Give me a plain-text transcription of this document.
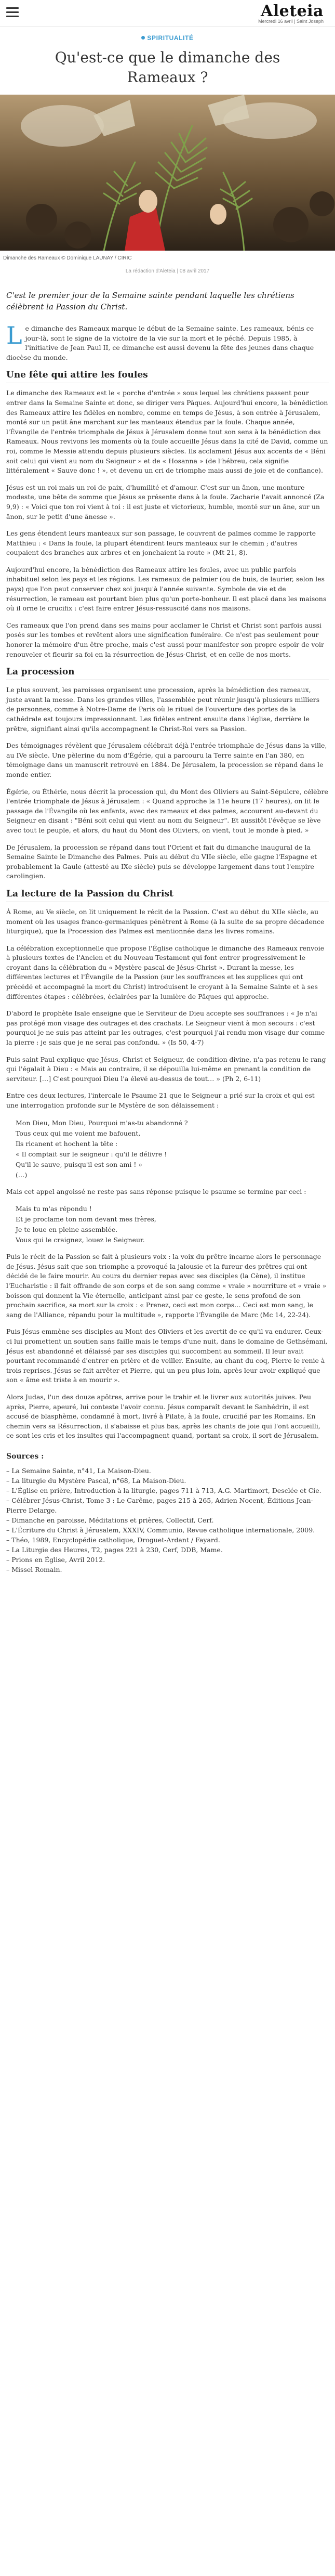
Aleteia
Mercredi 16 avril | Saint Joseph
SPIRITUALITÉ
Qu'est-ce que le dimanche des Rameaux ?
Dimanche des Rameaux © Dominique LAUNAY / CIRIC
La rédaction d'Aleteia | 08 avril 2017

C'est le premier jour de la Semaine sainte pendant laquelle les chrétiens célèbrent la Passion du Christ.

Le dimanche des Rameaux marque le début de la Semaine sainte. Les rameaux, bénis ce jour-là, sont le signe de la victoire de la vie sur la mort et le péché. Depuis 1985, à l'initiative de Jean Paul II, ce dimanche est aussi devenu la fête des jeunes dans chaque diocèse du monde.

Une fête qui attire les foules

Le dimanche des Rameaux est le « porche d'entrée » sous lequel les chrétiens passent pour entrer dans la Semaine Sainte et donc, se diriger vers Pâques. Aujourd'hui encore, la bénédiction des Rameaux attire les fidèles en nombre, comme en temps de Jésus, à son entrée à Jérusalem, monté sur un petit âne marchant sur les manteaux étendus par la foule. Chaque année, l'Évangile de l'entrée triomphale de Jésus à Jérusalem donne tout son sens à la bénédiction des Rameaux. Nous revivons les moments où la foule accueille Jésus dans la cité de David, comme un roi, comme le Messie attendu depuis plusieurs siècles. Ils acclament Jésus aux accents de « Béni soit celui qui vient au nom du Seigneur » et de « Hosanna » (de l'hébreu, cela signifie littéralement « Sauve donc ! », et devenu un cri de triomphe mais aussi de joie et de confiance).

Jésus est un roi mais un roi de paix, d'humilité et d'amour. C'est sur un ânon, une monture modeste, une bête de somme que Jésus se présente dans à la foule. Zacharie l'avait annoncé (Za 9,9) : « Voici que ton roi vient à toi : il est juste et victorieux, humble, monté sur un âne, sur un ânon, sur le petit d'une ânesse ».

Les gens étendent leurs manteaux sur son passage, le couvrent de palmes comme le rapporte Matthieu : « Dans la foule, la plupart étendirent leurs manteaux sur le chemin ; d'autres coupaient des branches aux arbres et en jonchaient la route » (Mt 21, 8).

Aujourd'hui encore, la bénédiction des Rameaux attire les foules, avec un public parfois inhabituel selon les pays et les régions. Les rameaux de palmier (ou de buis, de laurier, selon les pays) que l'on peut conserver chez soi jusqu'à l'année suivante. Symbole de vie et de résurrection, le rameau est pourtant bien plus qu'un porte-bonheur. Il est placé dans les maisons où il orne le crucifix : c'est faire entrer Jésus-ressuscité dans nos maisons.

Ces rameaux que l'on prend dans ses mains pour acclamer le Christ et Christ sont parfois aussi posés sur les tombes et revêtent alors une signification funéraire. Ce n'est pas seulement pour honorer la mémoire d'un être proche, mais c'est aussi pour manifester son propre espoir de voir renouveler et fleurir sa foi en la résurrection de Jésus-Christ, et en celle de nos morts.

La procession

Le plus souvent, les paroisses organisent une procession, après la bénédiction des rameaux, juste avant la messe. Dans les grandes villes, l'assemblée peut réunir jusqu'à plusieurs milliers de personnes, comme à Notre-Dame de Paris où le rituel de l'ouverture des portes de la cathédrale est toujours impressionnant. Les fidèles entrent ensuite dans l'église, derrière le prêtre, signifiant ainsi qu'ils accompagnent le Christ-Roi vers sa Passion.

Des témoignages révèlent que Jérusalem célébrait déjà l'entrée triomphale de Jésus dans la ville, au IVe siècle. Une pèlerine du nom d'Égérie, qui a parcouru la Terre sainte en l'an 380, en témoignage dans un manuscrit retrouvé en 1884. De Jérusalem, la procession se répand dans le monde entier.

Égérie, ou Éthérie, nous décrit la procession qui, du Mont des Oliviers au Saint-Sépulcre, célèbre l'entrée triomphale de Jésus à Jérusalem : « Quand approche la 11e heure (17 heures), on lit le passage de l'Évangile où les enfants, avec des rameaux et des palmes, accourent au-devant du Seigneur en disant : "Béni soit celui qui vient au nom du Seigneur". Et aussitôt l'évêque se lève avec tout le peuple, et alors, du haut du Mont des Oliviers, on vient, tout le monde à pied. »

De Jérusalem, la procession se répand dans tout l'Orient et fait du dimanche inaugural de la Semaine Sainte le Dimanche des Palmes. Puis au début du VIIe siècle, elle gagne l'Espagne et probablement la Gaule (attesté au IXe siècle) puis se développe largement dans tout l'empire carolingien.

La lecture de la Passion du Christ

À Rome, au Ve siècle, on lit uniquement le récit de la Passion. C'est au début du XIIe siècle, au moment où les usages franco-germaniques pénètrent à Rome (à la suite de sa propre décadence liturgique), que la Procession des Palmes est mentionnée dans les livres romains.

La célébration exceptionnelle que propose l'Église catholique le dimanche des Rameaux renvoie à plusieurs textes de l'Ancien et du Nouveau Testament qui font entrer progressivement le croyant dans la célébration du « Mystère pascal de Jésus-Christ ». Durant la messe, les différentes lectures et l'Évangile de la Passion (sur les souffrances et les supplices qui ont précédé et accompagné la mort du Christ) introduisent le croyant à la Semaine Sainte et à ses différentes étapes : célébrées, éclairées par la lumière de Pâques qui approche.

D'abord le prophète Isaïe enseigne que le Serviteur de Dieu accepte ses souffrances : « Je n'ai pas protégé mon visage des outrages et des crachats. Le Seigneur vient à mon secours : c'est pourquoi je ne suis pas atteint par les outrages, c'est pourquoi j'ai rendu mon visage dur comme la pierre : je sais que je ne serai pas confondu. » (Is 50, 4-7)

Puis saint Paul explique que Jésus, Christ et Seigneur, de condition divine, n'a pas retenu le rang qui l'égalait à Dieu : « Mais au contraire, il se dépouilla lui-même en prenant la condition de serviteur. […] C'est pourquoi Dieu l'a élevé au-dessus de tout… » (Ph 2, 6-11)

Entre ces deux lectures, l'intercale le Psaume 21 que le Seigneur a prié sur la croix et qui est une interrogation profonde sur le Mystère de son délaissement :

Mon Dieu, Mon Dieu, Pourquoi m'as-tu abandonné ?
Tous ceux qui me voient me bafouent,
Ils ricanent et hochent la tête :
« Il comptait sur le seigneur : qu'il le délivre !
Qu'il le sauve, puisqu'il est son ami ! »
(…)

Mais cet appel angoissé ne reste pas sans réponse puisque le psaume se termine par ceci :

Mais tu m'as répondu !
Et je proclame ton nom devant mes frères,
Je te loue en pleine assemblée.
Vous qui le craignez, louez le Seigneur.

Puis le récit de la Passion se fait à plusieurs voix : la voix du prêtre incarne alors le personnage de Jésus. Jésus sait que son triomphe a provoqué la jalousie et la fureur des prêtres qui ont décidé de le faire mourir. Au cours du dernier repas avec ses disciples (la Cène), il institue l'Eucharistie : il fait offrande de son corps et de son sang comme « vraie » nourriture et « vraie » boisson qui donnent la Vie éternelle, anticipant ainsi par ce geste, le sens profond de son prochain sacrifice, sa mort sur la croix : « Prenez, ceci est mon corps… Ceci est mon sang, le sang de l'Alliance, répandu pour la multitude », rapporte l'Évangile de Marc (Mc 14, 22-24).

Puis Jésus emmène ses disciples au Mont des Oliviers et les avertit de ce qu'il va endurer. Ceux-ci lui promettent un soutien sans faille mais le temps d'une nuit, dans le domaine de Gethsémani, Jésus est abandonné et délaissé par ses disciples qui succombent au sommeil. Il leur avait pourtant recommandé d'entrer en prière et de veiller. Ensuite, au chant du coq, Pierre le renie à trois reprises. Jésus se fait arrêter et Pierre, qui un peu plus loin, après leur avoir expliqué que son « âme est triste à en mourir ».

Alors Judas, l'un des douze apôtres, arrive pour le trahir et le livrer aux autorités juives. Peu après, Pierre, apeuré, lui conteste l'avoir connu. Jésus comparaît devant le Sanhédrin, il est accusé de blasphème, condamné à mort, livré à Pilate, à la foule, crucifié par les Romains. En chemin vers sa Résurrection, il s'abaisse et plus bas, après les chants de joie qui l'ont accueilli, ce sont les cris et les insultes qui l'accompagnent quand, portant sa croix, il sort de Jérusalem.

Sources :
– La Semaine Sainte, n°41, La Maison-Dieu.
– La liturgie du Mystère Pascal, n°68, La Maison-Dieu.
– L'Église en prière, Introduction à la liturgie, pages 711 à 713, A.G. Martimort, Desclée et Cie.
– Célébrer Jésus-Christ, Tome 3 : Le Carême, pages 215 à 265, Adrien Nocent, Éditions Jean-Pierre Delarge.
– Dimanche en paroisse, Méditations et prières, Collectif, Cerf.
– L'Écriture du Christ à Jérusalem, XXXIV, Communio, Revue catholique internationale, 2009.
– Théo, 1989, Encyclopédie catholique, Droguet-Ardant / Fayard.
– La Liturgie des Heures, T2, pages 221 à 230, Cerf, DDB, Mame.
– Prions en Église, Avril 2012.
– Missel Romain.
